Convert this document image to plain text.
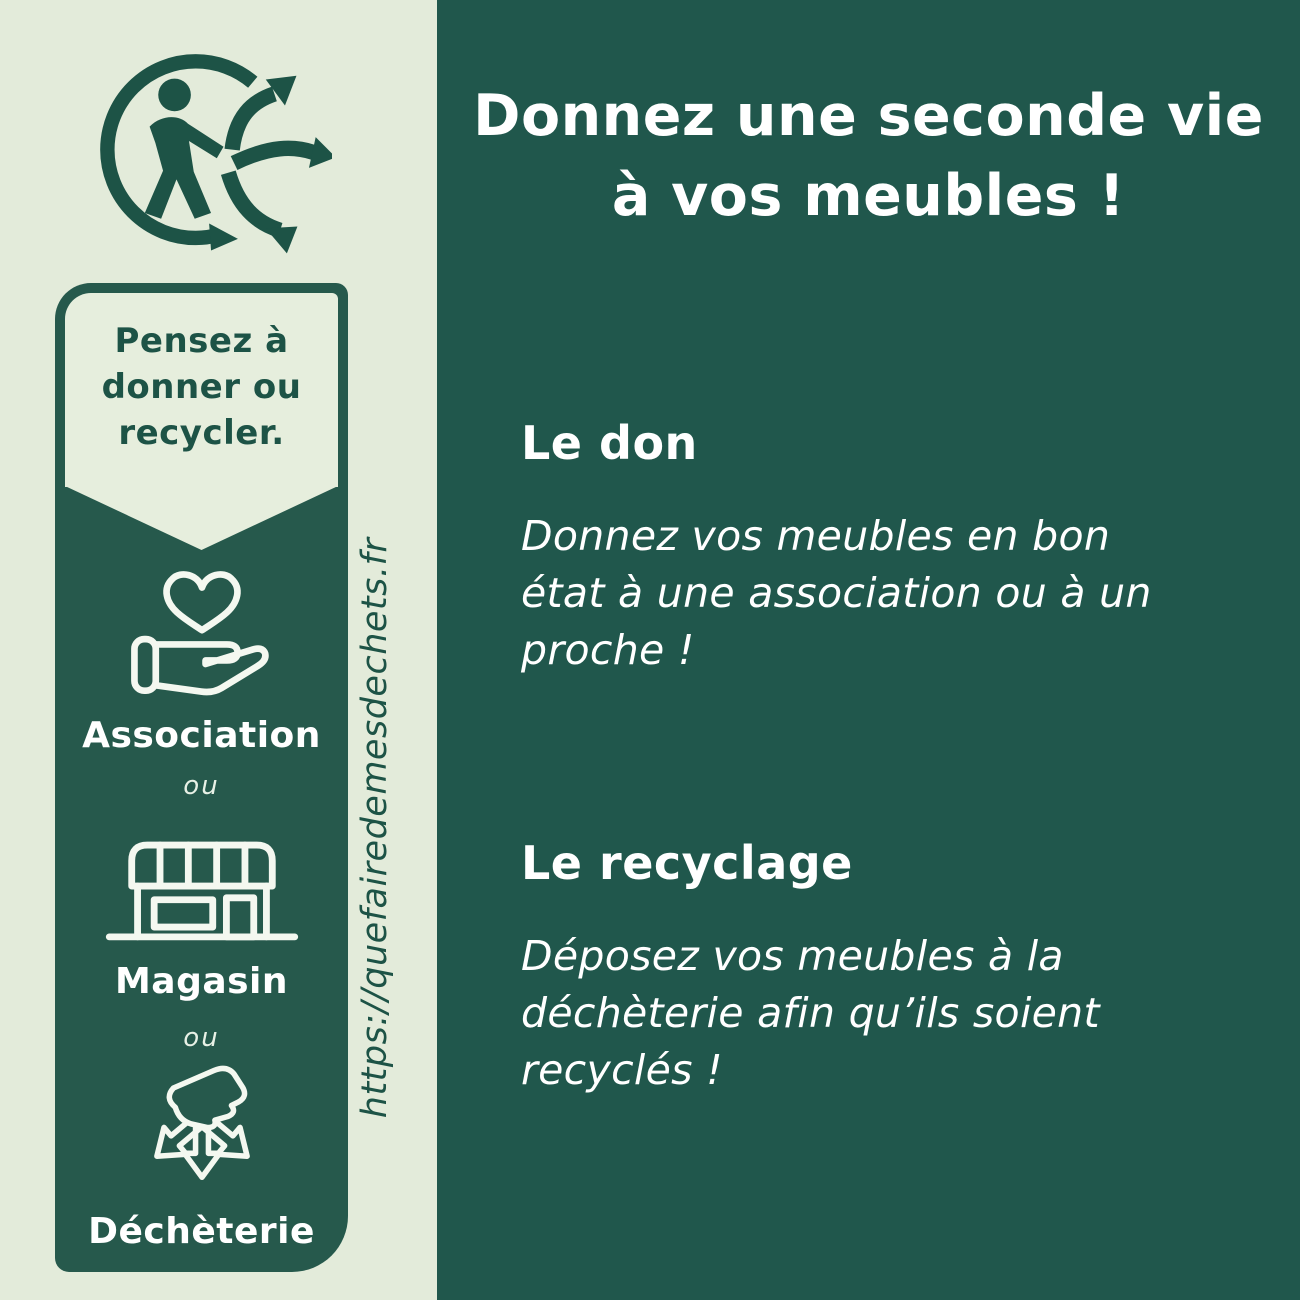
Pensez à
donner ou
recycler.
Association
ou
Magasin
ou
Déchèterie
https://quefairedemesdechets.fr
Donnez une seconde vie
à vos meubles !
Le don
Donnez vos meubles en bon
état à une association ou à un
proche !
Le recyclage
Déposez vos meubles à la
déchèterie afin qu’ils soient
recyclés !
